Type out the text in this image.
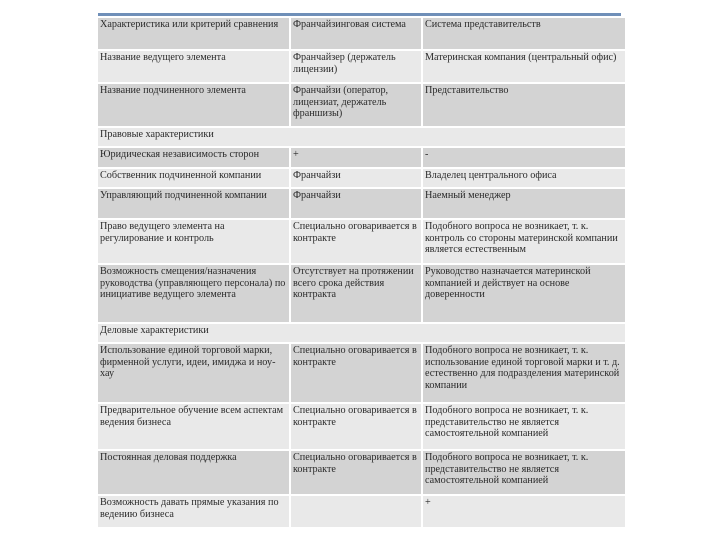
Характеристика или критерий сравнения	Франчайзинговая система	Система представительств
Название ведущего элемента	Франчайзер (держатель лицензии)	Материнская компания (центральный офис)
Название подчиненного элемента	Франчайзи (оператор, лицензиат, держатель франшизы)	Представительство
Правовые характеристики		
Юридическая независимость сторон	+	-
Собственник подчиненной компании	Франчайзи	Владелец центрального офиса
Управляющий подчиненной компании	Франчайзи	Наемный менеджер
Право ведущего элемента на регулирование и контроль	Специально оговаривается в контракте	Подобного вопроса не возникает, т. к. контроль со стороны материнской компании является естественным
Возможность смещения/назначения руководства (управляющего персонала) по инициативе ведущего элемента	Отсутствует на протяжении всего срока действия контракта	Руководство назначается материнской компанией и действует на основе доверенности
Деловые характеристики		
Использование единой торговой марки, фирменной услуги, идеи, имиджа и ноу-хау	Специально оговаривается в контракте	Подобного вопроса не возникает, т. к. использование единой торговой марки и т. д. естественно для подразделения материнской компании
Предварительное обучение всем аспектам ведения бизнеса	Специально оговаривается в контракте	Подобного вопроса не возникает, т. к. представительство не является самостоятельной компанией
Постоянная деловая поддержка	Специально оговаривается в контракте	Подобного вопроса не возникает, т. к. представительство не является самостоятельной компанией
Возможность давать прямые указания по ведению бизнеса		+
